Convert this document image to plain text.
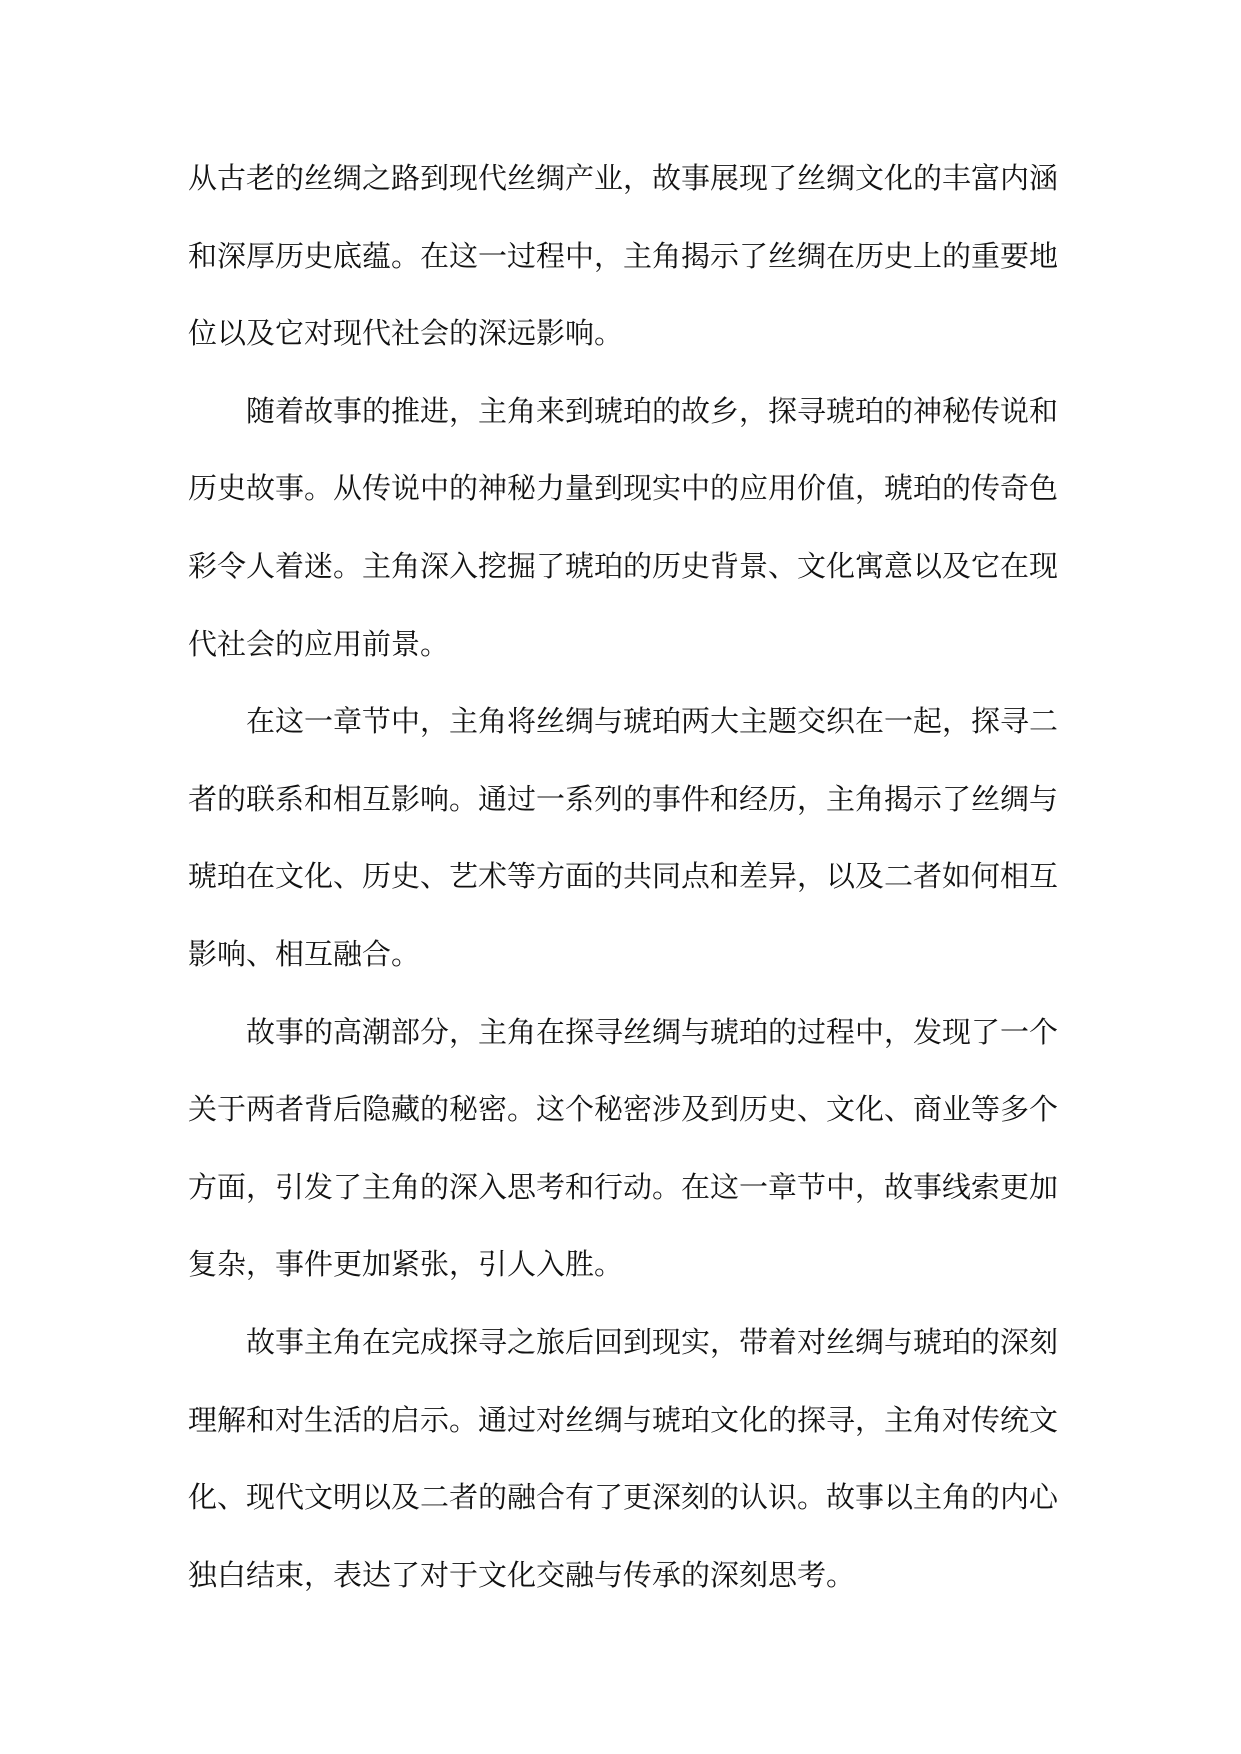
从古老的丝绸之路到现代丝绸产业，故事展现了丝绸文化的丰富内涵和深厚历史底蕴。在这一过程中，主角揭示了丝绸在历史上的重要地位以及它对现代社会的深远影响。

随着故事的推进，主角来到琥珀的故乡，探寻琥珀的神秘传说和历史故事。从传说中的神秘力量到现实中的应用价值，琥珀的传奇色彩令人着迷。主角深入挖掘了琥珀的历史背景、文化寓意以及它在现代社会的应用前景。

在这一章节中，主角将丝绸与琥珀两大主题交织在一起，探寻二者的联系和相互影响。通过一系列的事件和经历，主角揭示了丝绸与琥珀在文化、历史、艺术等方面的共同点和差异，以及二者如何相互影响、相互融合。

故事的高潮部分，主角在探寻丝绸与琥珀的过程中，发现了一个关于两者背后隐藏的秘密。这个秘密涉及到历史、文化、商业等多个方面，引发了主角的深入思考和行动。在这一章节中，故事线索更加复杂，事件更加紧张，引人入胜。

故事主角在完成探寻之旅后回到现实，带着对丝绸与琥珀的深刻理解和对生活的启示。通过对丝绸与琥珀文化的探寻，主角对传统文化、现代文明以及二者的融合有了更深刻的认识。故事以主角的内心独白结束，表达了对于文化交融与传承的深刻思考。
